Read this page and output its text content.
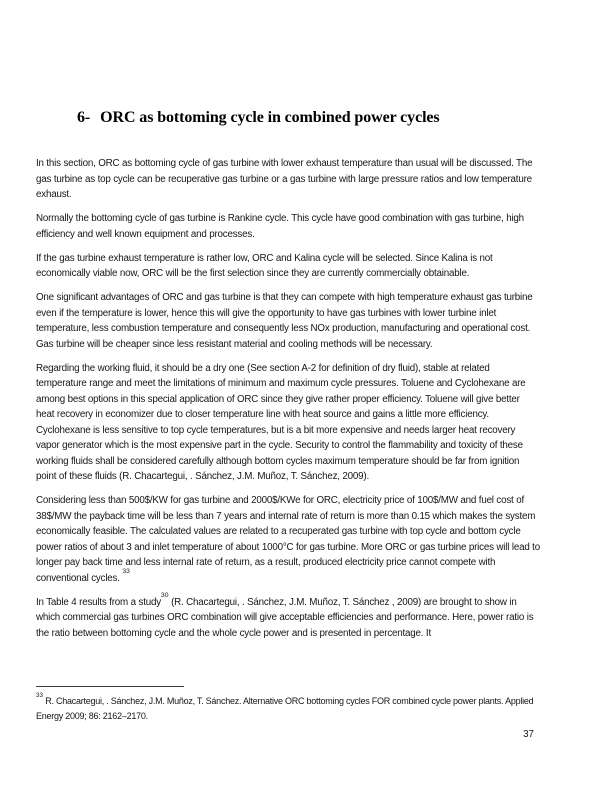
6- ORC as bottoming cycle in combined power cycles

In this section, ORC as bottoming cycle of gas turbine with lower exhaust temperature than usual will be discussed. The gas turbine as top cycle can be recuperative gas turbine or a gas turbine with large pressure ratios and low temperature exhaust.

Normally the bottoming cycle of gas turbine is Rankine cycle. This cycle have good combination with gas turbine, high efficiency and well known equipment and processes.

If the gas turbine exhaust temperature is rather low, ORC and Kalina cycle will be selected. Since Kalina is not economically viable now, ORC will be the first selection since they are currently commercially obtainable.

One significant advantages of ORC and gas turbine is that they can compete with high temperature exhaust gas turbine even if the temperature is lower, hence this will give the opportunity to have gas turbines with lower turbine inlet temperature, less combustion temperature and consequently less NOx production, manufacturing and operational cost. Gas turbine will be cheaper since less resistant material and cooling methods will be necessary.

Regarding the working fluid, it should be a dry one (See section A-2 for definition of dry fluid), stable at related temperature range and meet the limitations of minimum and maximum cycle pressures. Toluene and Cyclohexane are among best options in this special application of ORC since they give rather proper efficiency. Toluene will give better heat recovery in economizer due to closer temperature line with heat source and gains a little more efficiency. Cyclohexane is less sensitive to top cycle temperatures, but is a bit more expensive and needs larger heat recovery vapor generator which is the most expensive part in the cycle. Security to control the flammability and toxicity of these working fluids shall be considered carefully although bottom cycles maximum temperature should be far from ignition point of these fluids (R. Chacartegui, . Sánchez, J.M. Muñoz, T. Sánchez, 2009).

Considering less than 500$/KW for gas turbine and 2000$/KWe for ORC, electricity price of 100$/MW and fuel cost of 38$/MW the payback time will be less than 7 years and internal rate of return is more than 0.15 which makes the system economically feasible. The calculated values are related to a recuperated gas turbine with top cycle and bottom cycle power ratios of about 3 and inlet temperature of about 1000°C for gas turbine. More ORC or gas turbine prices will lead to longer pay back time and less internal rate of return, as a result, produced electricity price cannot compete with conventional cycles. $^{33}$

In Table 4 results from a study$^{30}$ (R. Chacartegui, . Sánchez, J.M. Muñoz, T. Sánchez , 2009) are brought to show in which commercial gas turbines ORC combination will give acceptable efficiencies and performance. Here, power ratio is the ratio between bottoming cycle and the whole cycle power and is presented in percentage. It

$^{33}$ R. Chacartegui, . Sánchez, J.M. Muñoz, T. Sánchez. Alternative ORC bottoming cycles FOR combined cycle power plants. Applied Energy 2009; 86: 2162–2170.

37
